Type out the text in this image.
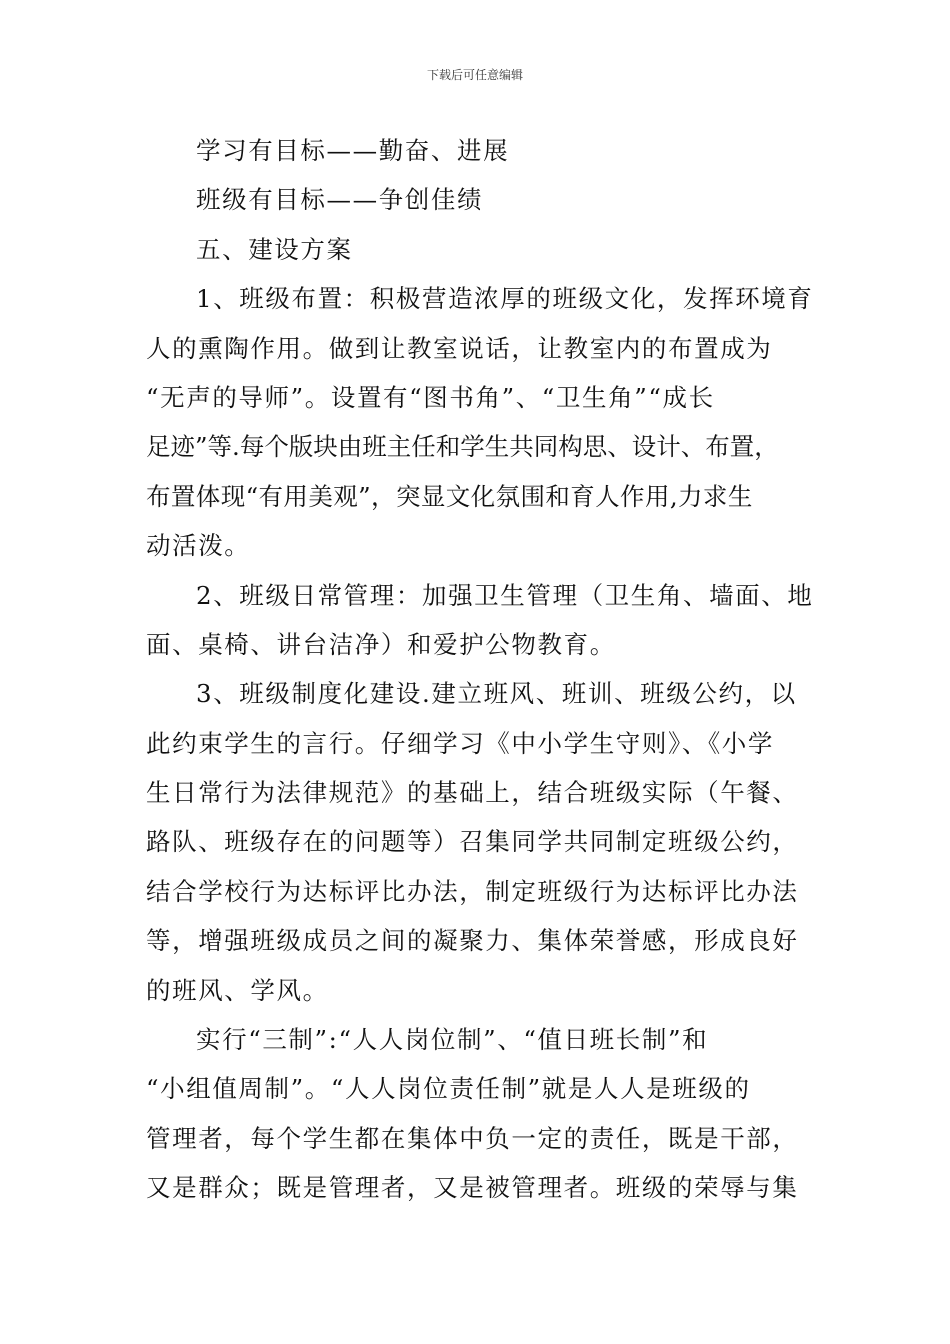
下载后可任意编辑
学习有目标——勤奋、进展
班级有目标——争创佳绩
五、建设方案
1、班级布置：积极营造浓厚的班级文化，发挥环境育
人的熏陶作用。做到让教室说话，让教室内的布置成为
“无声的导师”。设置有“图书角”、“卫生角”“成长
足迹”等.每个版块由班主任和学生共同构思、设计、布置，
布置体现“有用美观”，突显文化氛围和育人作用,力求生
动活泼。
2、班级日常管理：加强卫生管理（卫生角、墙面、地
面、桌椅、讲台洁净）和爱护公物教育。
3、班级制度化建设.建立班风、班训、班级公约，以
此约束学生的言行。仔细学习《中小学生守则》、《小学
生日常行为法律规范》的基础上，结合班级实际（午餐、
路队、班级存在的问题等）召集同学共同制定班级公约，
结合学校行为达标评比办法，制定班级行为达标评比办法
等，增强班级成员之间的凝聚力、集体荣誉感，形成良好
的班风、学风。
实行“三制”:“人人岗位制”、“值日班长制”和
“小组值周制”。“人人岗位责任制”就是人人是班级的
管理者，每个学生都在集体中负一定的责任，既是干部，
又是群众；既是管理者，又是被管理者。班级的荣辱与集
